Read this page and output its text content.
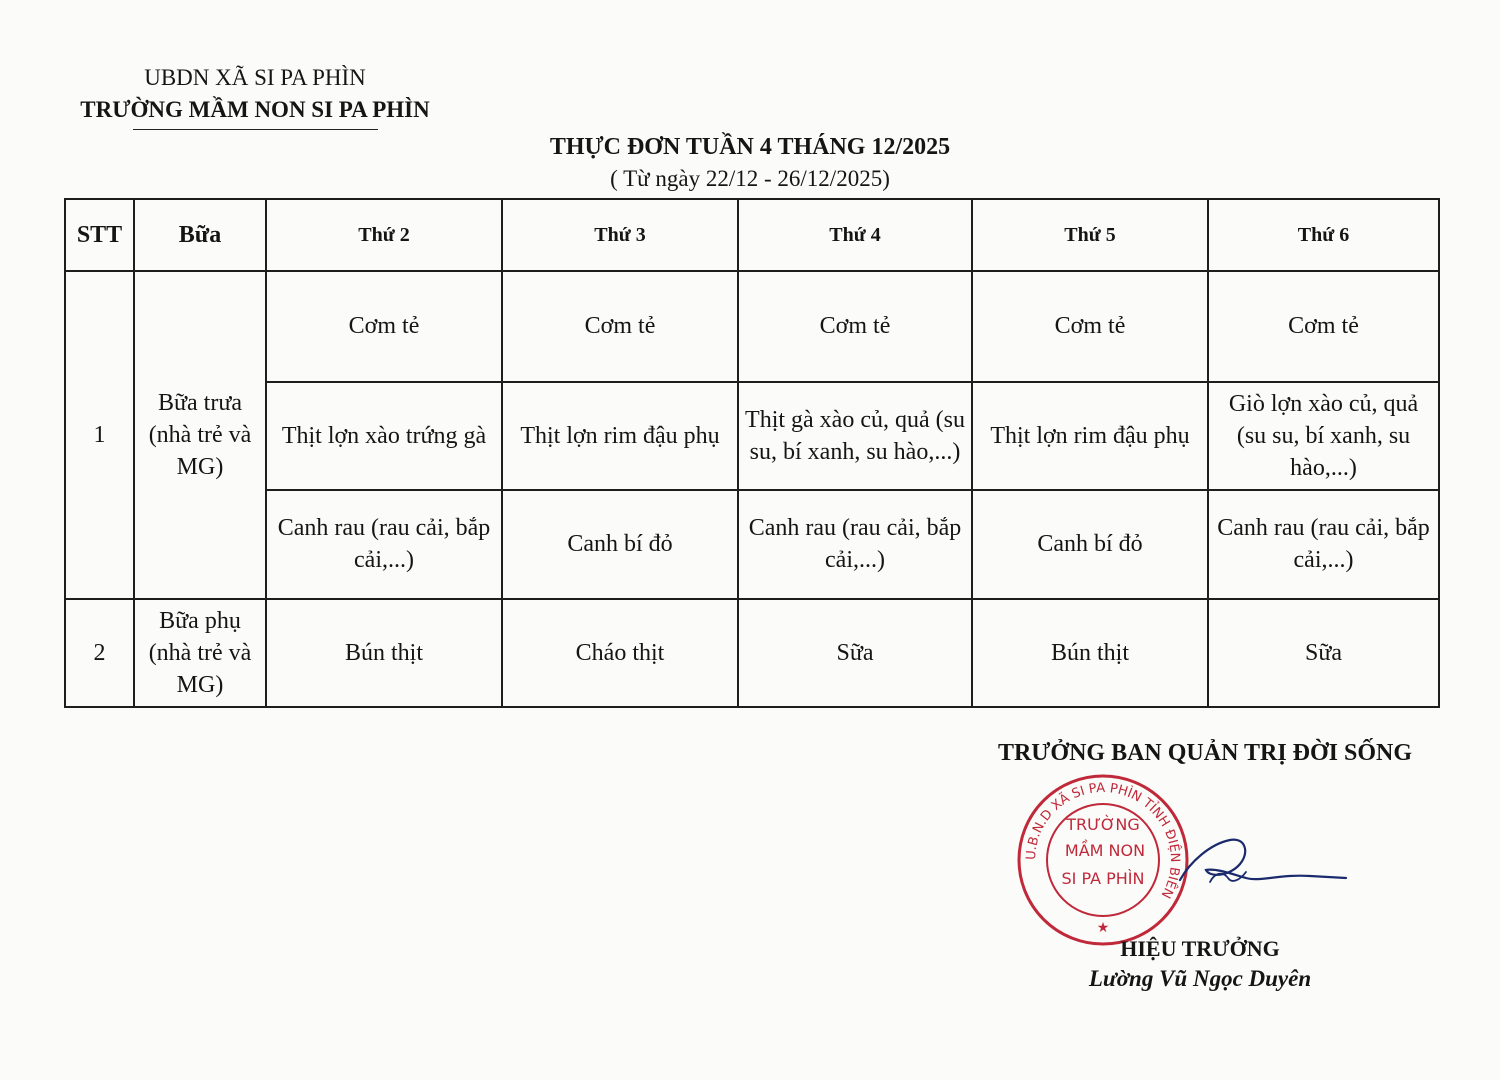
UBDN XÃ SI PA PHÌN
TRƯỜNG MẦM NON SI PA PHÌN
THỰC ĐƠN TUẦN 4 THÁNG 12/2025
( Từ ngày 22/12 - 26/12/2025)
STT	Bữa	Thứ 2	Thứ 3	Thứ 4	Thứ 5	Thứ 6
1	Bữa trưa (nhà trẻ và MG)	Cơm tẻ	Cơm tẻ	Cơm tẻ	Cơm tẻ	Cơm tẻ
		Thịt lợn xào trứng gà	Thịt lợn rim đậu phụ	Thịt gà xào củ, quả (su su, bí xanh, su hào,...)	Thịt lợn rim đậu phụ	Giò lợn xào củ, quả (su su, bí xanh, su hào,...)
		Canh rau (rau cải, bắp cải,...)	Canh bí đỏ	Canh rau (rau cải, bắp cải,...)	Canh bí đỏ	Canh rau (rau cải, bắp cải,...)
2	Bữa phụ (nhà trẻ và MG)	Bún thịt	Cháo thịt	Sữa	Bún thịt	Sữa
TRƯỞNG BAN QUẢN TRỊ ĐỜI SỐNG
U.B.N.D XÃ SI PA PHÌN TỈNH ĐIỆN BIÊN
TRƯỜNG
MẦM NON
SI PA PHÌN
★
HIỆU TRƯỞNG
Lường Vũ Ngọc Duyên
